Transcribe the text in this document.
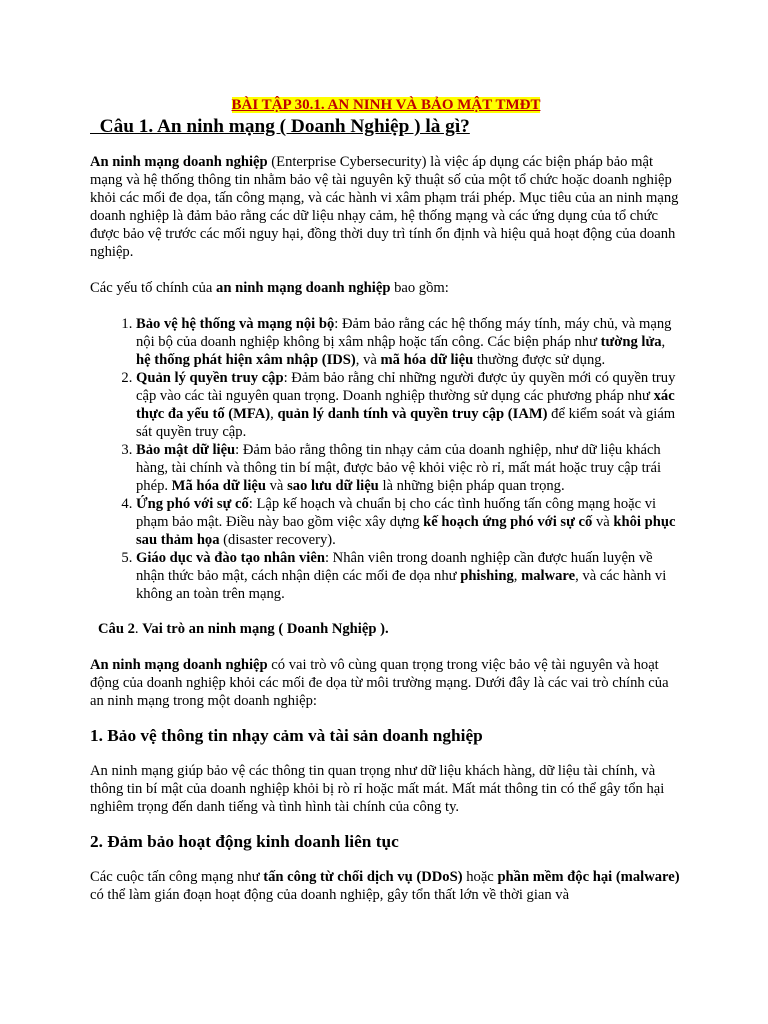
BÀI TẬP 30.1. AN NINH VÀ BẢO MẬT TMĐT

Câu 1. An ninh mạng ( Doanh Nghiệp ) là gì?

An ninh mạng doanh nghiệp (Enterprise Cybersecurity) là việc áp dụng các biện pháp bảo mật mạng và hệ thống thông tin nhằm bảo vệ tài nguyên kỹ thuật số của một tổ chức hoặc doanh nghiệp khỏi các mối đe dọa, tấn công mạng, và các hành vi xâm phạm trái phép. Mục tiêu của an ninh mạng doanh nghiệp là đảm bảo rằng các dữ liệu nhạy cảm, hệ thống mạng và các ứng dụng của tổ chức được bảo vệ trước các mối nguy hại, đồng thời duy trì tính ổn định và hiệu quả hoạt động của doanh nghiệp.

Các yếu tố chính của an ninh mạng doanh nghiệp bao gồm:

1. Bảo vệ hệ thống và mạng nội bộ: Đảm bảo rằng các hệ thống máy tính, máy chủ, và mạng nội bộ của doanh nghiệp không bị xâm nhập hoặc tấn công. Các biện pháp như tường lửa, hệ thống phát hiện xâm nhập (IDS), và mã hóa dữ liệu thường được sử dụng.
2. Quản lý quyền truy cập: Đảm bảo rằng chỉ những người được ủy quyền mới có quyền truy cập vào các tài nguyên quan trọng. Doanh nghiệp thường sử dụng các phương pháp như xác thực đa yếu tố (MFA), quản lý danh tính và quyền truy cập (IAM) để kiểm soát và giám sát quyền truy cập.
3. Bảo mật dữ liệu: Đảm bảo rằng thông tin nhạy cảm của doanh nghiệp, như dữ liệu khách hàng, tài chính và thông tin bí mật, được bảo vệ khỏi việc rò rỉ, mất mát hoặc truy cập trái phép. Mã hóa dữ liệu và sao lưu dữ liệu là những biện pháp quan trọng.
4. Ứng phó với sự cố: Lập kế hoạch và chuẩn bị cho các tình huống tấn công mạng hoặc vi phạm bảo mật. Điều này bao gồm việc xây dựng kế hoạch ứng phó với sự cố và khôi phục sau thảm họa (disaster recovery).
5. Giáo dục và đào tạo nhân viên: Nhân viên trong doanh nghiệp cần được huấn luyện về nhận thức bảo mật, cách nhận diện các mối đe dọa như phishing, malware, và các hành vi không an toàn trên mạng.

Câu 2. Vai trò an ninh mạng ( Doanh Nghiệp ).

An ninh mạng doanh nghiệp có vai trò vô cùng quan trọng trong việc bảo vệ tài nguyên và hoạt động của doanh nghiệp khỏi các mối đe dọa từ môi trường mạng. Dưới đây là các vai trò chính của an ninh mạng trong một doanh nghiệp:

1. Bảo vệ thông tin nhạy cảm và tài sản doanh nghiệp

An ninh mạng giúp bảo vệ các thông tin quan trọng như dữ liệu khách hàng, dữ liệu tài chính, và thông tin bí mật của doanh nghiệp khỏi bị rò rỉ hoặc mất mát. Mất mát thông tin có thể gây tổn hại nghiêm trọng đến danh tiếng và tình hình tài chính của công ty.

2. Đảm bảo hoạt động kinh doanh liên tục

Các cuộc tấn công mạng như tấn công từ chối dịch vụ (DDoS) hoặc phần mềm độc hại (malware) có thể làm gián đoạn hoạt động của doanh nghiệp, gây tổn thất lớn về thời gian và
